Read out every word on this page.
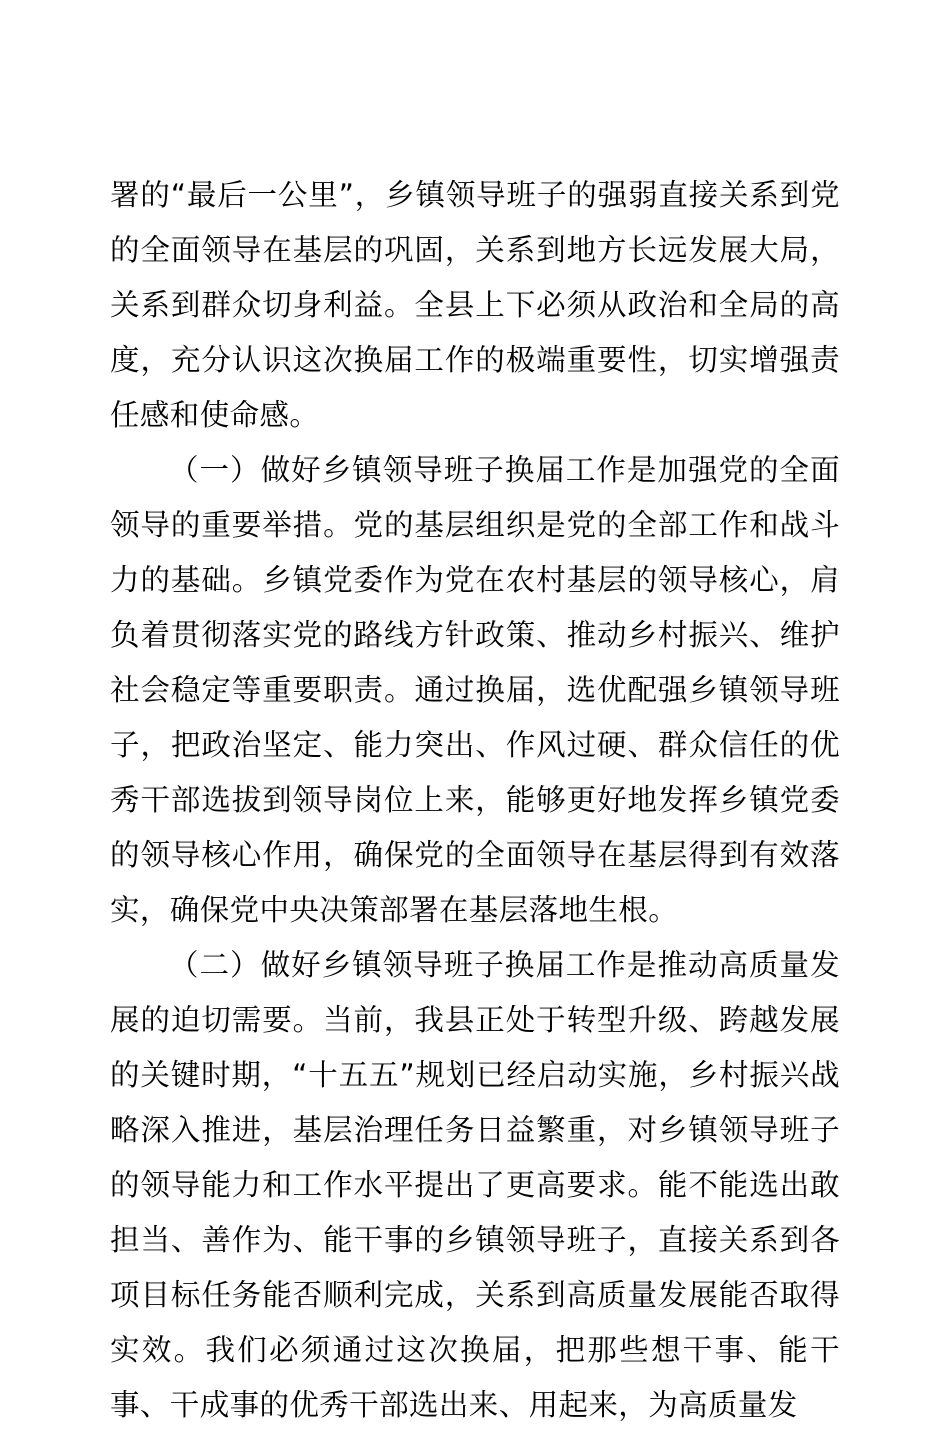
署的“最后一公里”，乡镇领导班子的强弱直接关系到党的全面领导在基层的巩固，关系到地方长远发展大局，关系到群众切身利益。全县上下必须从政治和全局的高度，充分认识这次换届工作的极端重要性，切实增强责任感和使命感。

（一）做好乡镇领导班子换届工作是加强党的全面领导的重要举措。党的基层组织是党的全部工作和战斗力的基础。乡镇党委作为党在农村基层的领导核心，肩负着贯彻落实党的路线方针政策、推动乡村振兴、维护社会稳定等重要职责。通过换届，选优配强乡镇领导班子，把政治坚定、能力突出、作风过硬、群众信任的优秀干部选拔到领导岗位上来，能够更好地发挥乡镇党委的领导核心作用，确保党的全面领导在基层得到有效落实，确保党中央决策部署在基层落地生根。

（二）做好乡镇领导班子换届工作是推动高质量发展的迫切需要。当前，我县正处于转型升级、跨越发展的关键时期，“十五五”规划已经启动实施，乡村振兴战略深入推进，基层治理任务日益繁重，对乡镇领导班子的领导能力和工作水平提出了更高要求。能不能选出敢担当、善作为、能干事的乡镇领导班子，直接关系到各项目标任务能否顺利完成，关系到高质量发展能否取得实效。我们必须通过这次换届，把那些想干事、能干事、干成事的优秀干部选出来、用起来，为高质量发
